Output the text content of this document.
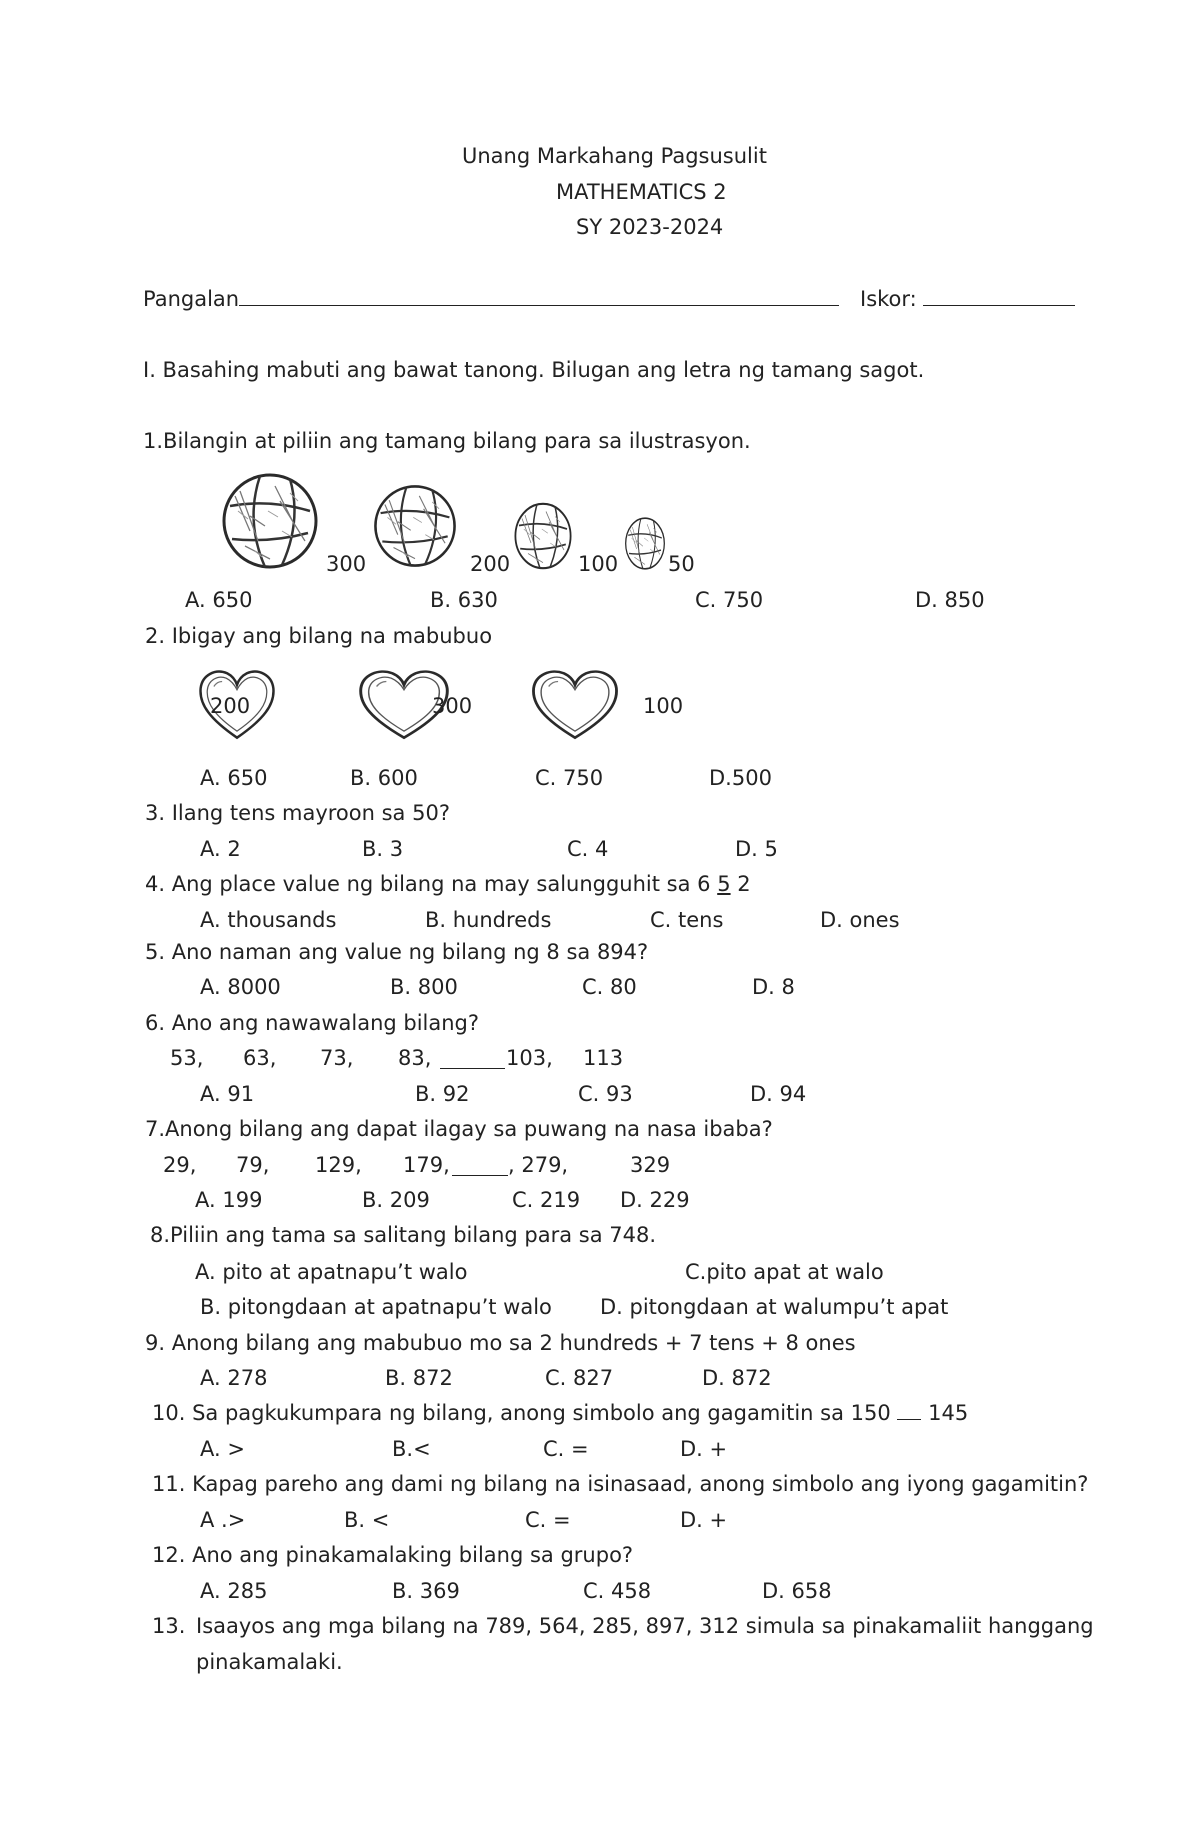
Unang Markahang Pagsusulit
MATHEMATICS 2
SY 2023-2024
Pangalan	Iskor:
I. Basahing mabuti ang bawat tanong. Bilugan ang letra ng tamang sagot.
1.Bilangin at piliin ang tamang bilang para sa ilustrasyon.
300	200	100 50
A. 650	B. 630	C. 750	D. 850
2. Ibigay ang bilang na mabubuo
200	300	100
A. 650	B. 600	C. 750	D.500
3. Ilang tens mayroon sa 50?
A. 2	B. 3	C. 4	D. 5
4. Ang place value ng bilang na may salungguhit sa 6 5 2
A. thousands	B. hundreds	C. tens	D. ones
5. Ano naman ang value ng bilang ng 8 sa 894?
A. 8000	B. 800	C. 80	D. 8
6. Ano ang nawawalang bilang?
53, 63, 73, 83,	103, 113
A. 91	B. 92	C. 93	D. 94
7.Anong bilang ang dapat ilagay sa puwang na nasa ibaba?
29, 79, 129, 179,	, 279,	329
A. 199	B. 209	C. 219 D. 229
8.Piliin ang tama sa salitang bilang para sa 748.
A. pito at apatnapu’t walo	C.pito apat at walo
B. pitongdaan at apatnapu’t walo D. pitongdaan at walumpu’t apat
9. Anong bilang ang mabubuo mo sa 2 hundreds + 7 tens + 8 ones
A. 278	B. 872	C. 827	D. 872
10. Sa pagkukumpara ng bilang, anong simbolo ang gagamitin sa 150  145
A. >	B.<	C. =	D. +
11. Kapag pareho ang dami ng bilang na isinasaad, anong simbolo ang iyong gagamitin?
A .>	B. <	C. =	D. +
12. Ano ang pinakamalaking bilang sa grupo?
A. 285	B. 369	C. 458	D. 658
13. Isaayos ang mga bilang na 789, 564, 285, 897, 312 simula sa pinakamaliit hanggang
pinakamalaki.
